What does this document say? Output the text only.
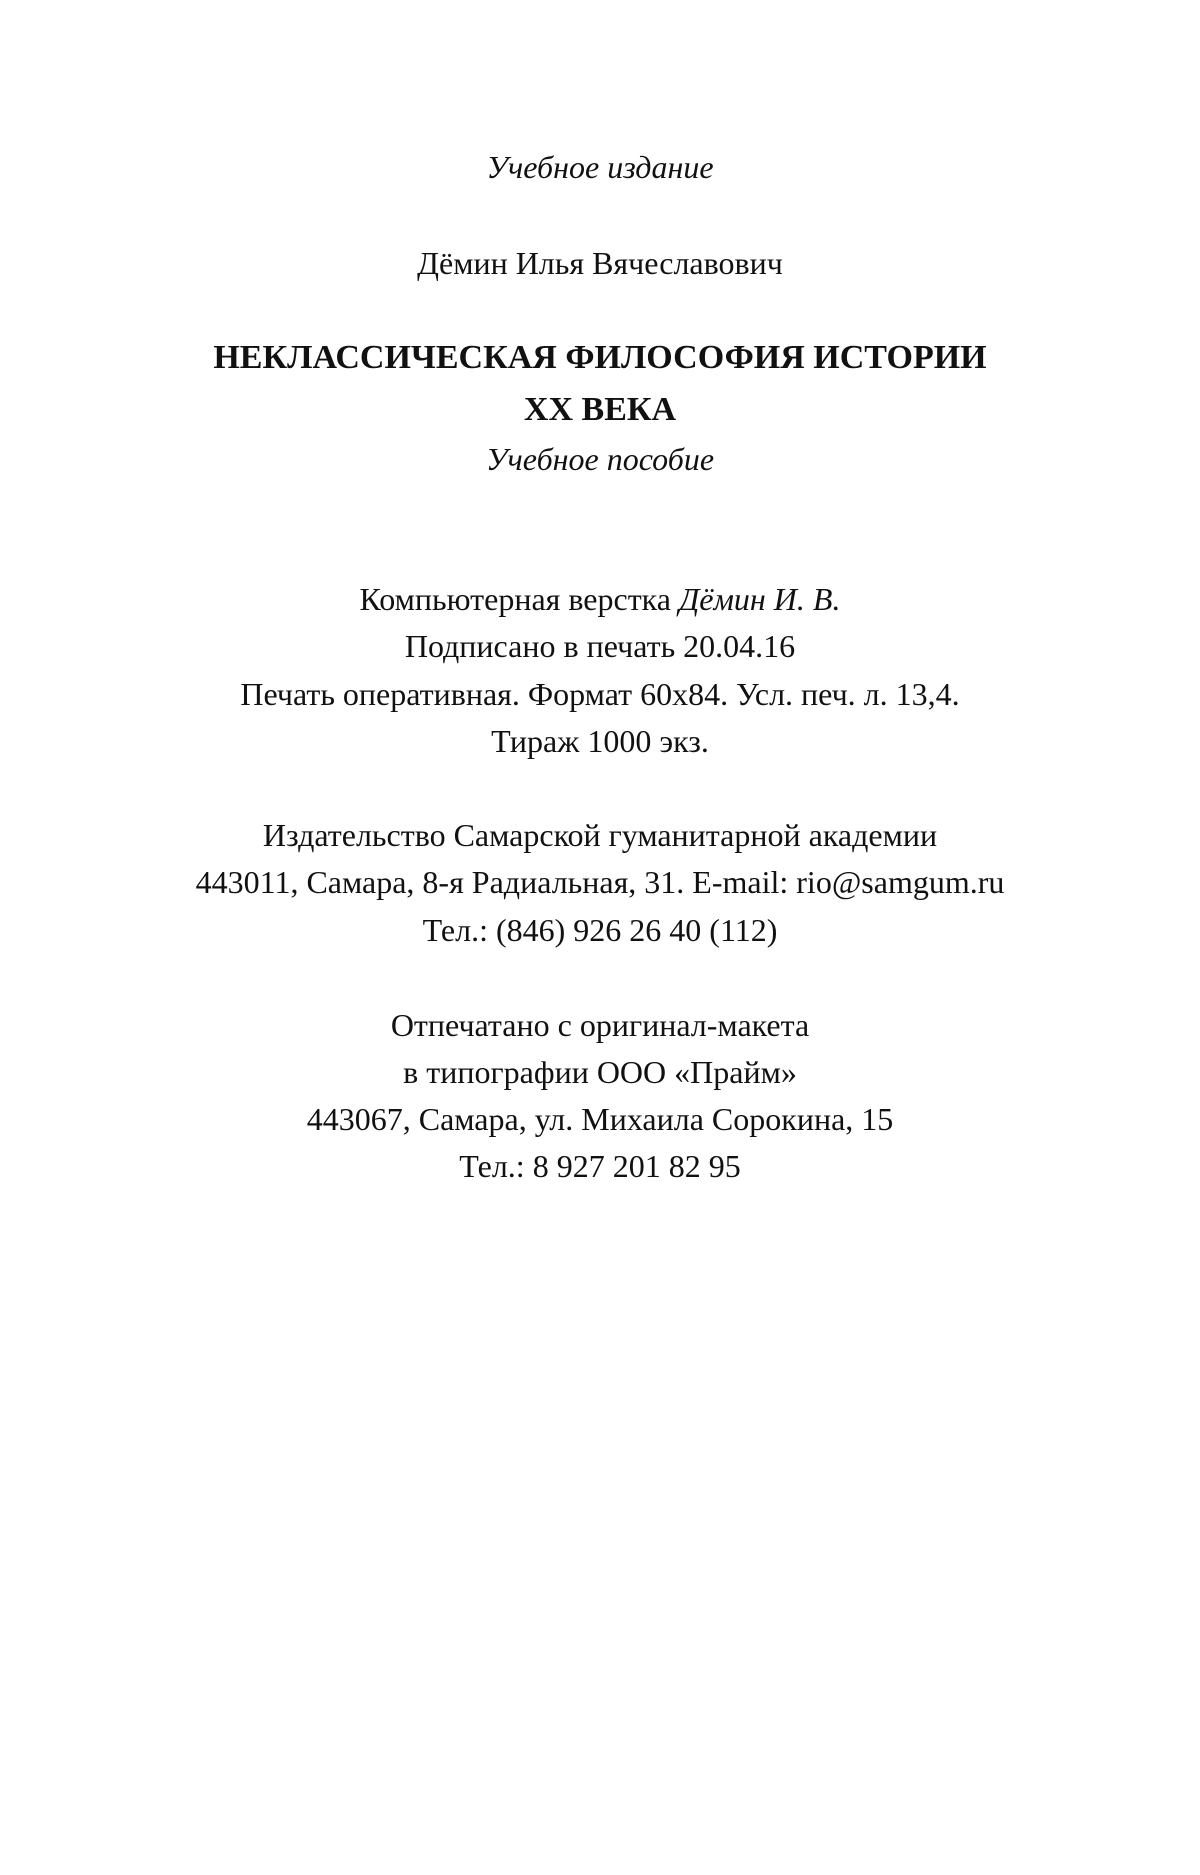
Учебное издание
Дёмин Илья Вячеславович
НЕКЛАССИЧЕСКАЯ ФИЛОСОФИЯ ИСТОРИИ
XX ВЕКА
Учебное пособие
Компьютерная верстка Дёмин И. В.
Подписано в печать 20.04.16
Печать оперативная. Формат 60х84. Усл. печ. л. 13,4.
Тираж 1000 экз.
Издательство Самарской гуманитарной академии
443011, Самара, 8-я Радиальная, 31. E-mail: rio@samgum.ru
Тел.: (846) 926 26 40 (112)
Отпечатано с оригинал-макета
в типографии ООО «Прайм»
443067, Самара, ул. Михаила Сорокина, 15
Тел.: 8 927 201 82 95
